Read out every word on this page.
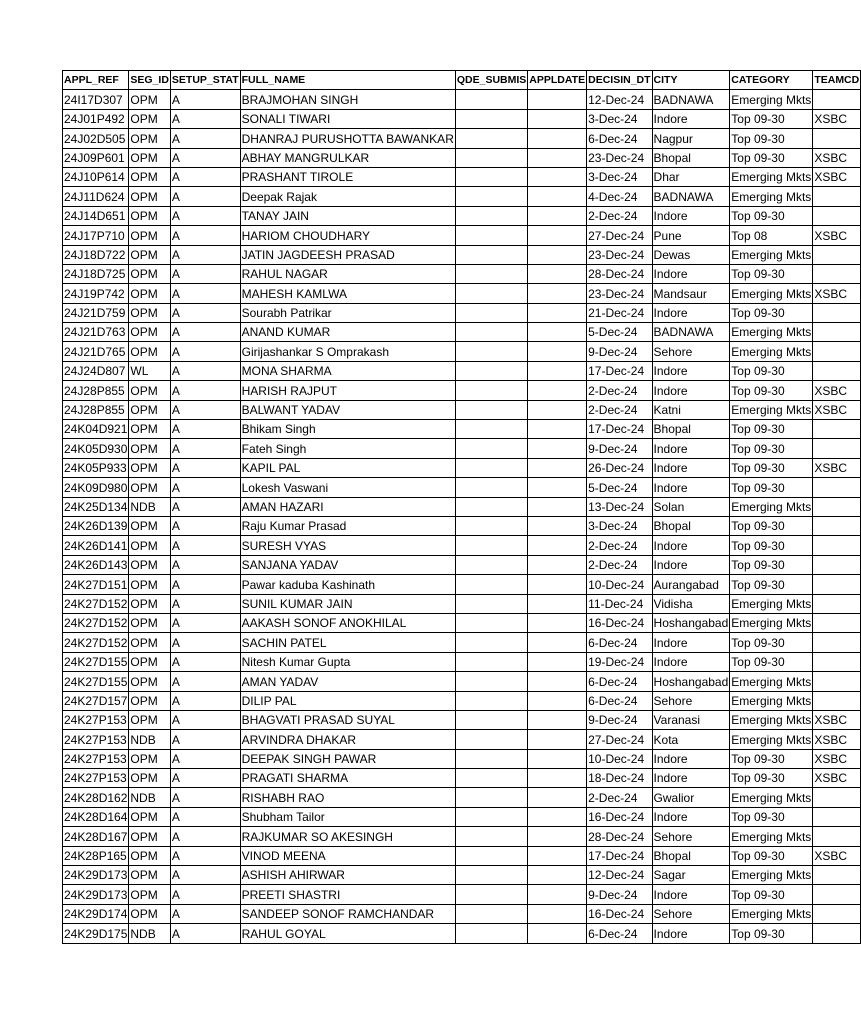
APPL_REF	SEG_ID	SETUP_STAT	FULL_NAME	QDE_SUBMIS	APPLDATE	DECISIN_DT	CITY	CATEGORY	TEAMCD
24I17D307	OPM	A	BRAJMOHAN SINGH			12-Dec-24	BADNAWA	Emerging Mkts	
24J01P492	OPM	A	SONALI TIWARI			3-Dec-24	Indore	Top 09-30	XSBC
24J02D505	OPM	A	DHANRAJ PURUSHOTTA BAWANKAR			6-Dec-24	Nagpur	Top 09-30	
24J09P601	OPM	A	ABHAY MANGRULKAR			23-Dec-24	Bhopal	Top 09-30	XSBC
24J10P614	OPM	A	PRASHANT TIROLE			3-Dec-24	Dhar	Emerging Mkts	XSBC
24J11D624	OPM	A	Deepak Rajak			4-Dec-24	BADNAWA	Emerging Mkts	
24J14D651	OPM	A	TANAY JAIN			2-Dec-24	Indore	Top 09-30	
24J17P710	OPM	A	HARIOM CHOUDHARY			27-Dec-24	Pune	Top 08	XSBC
24J18D722	OPM	A	JATIN JAGDEESH PRASAD			23-Dec-24	Dewas	Emerging Mkts	
24J18D725	OPM	A	RAHUL NAGAR			28-Dec-24	Indore	Top 09-30	
24J19P742	OPM	A	MAHESH KAMLWA			23-Dec-24	Mandsaur	Emerging Mkts	XSBC
24J21D759	OPM	A	Sourabh Patrikar			21-Dec-24	Indore	Top 09-30	
24J21D763	OPM	A	ANAND KUMAR			5-Dec-24	BADNAWA	Emerging Mkts	
24J21D765	OPM	A	Girijashankar S Omprakash			9-Dec-24	Sehore	Emerging Mkts	
24J24D807	WL	A	MONA SHARMA			17-Dec-24	Indore	Top 09-30	
24J28P855	OPM	A	HARISH RAJPUT			2-Dec-24	Indore	Top 09-30	XSBC
24J28P855	OPM	A	BALWANT YADAV			2-Dec-24	Katni	Emerging Mkts	XSBC
24K04D921	OPM	A	Bhikam Singh			17-Dec-24	Bhopal	Top 09-30	
24K05D930	OPM	A	Fateh Singh			9-Dec-24	Indore	Top 09-30	
24K05P933	OPM	A	KAPIL PAL			26-Dec-24	Indore	Top 09-30	XSBC
24K09D980	OPM	A	Lokesh Vaswani			5-Dec-24	Indore	Top 09-30	
24K25D134	NDB	A	AMAN HAZARI			13-Dec-24	Solan	Emerging Mkts	
24K26D139	OPM	A	Raju Kumar Prasad			3-Dec-24	Bhopal	Top 09-30	
24K26D141	OPM	A	SURESH VYAS			2-Dec-24	Indore	Top 09-30	
24K26D143	OPM	A	SANJANA YADAV			2-Dec-24	Indore	Top 09-30	
24K27D151	OPM	A	Pawar kaduba Kashinath			10-Dec-24	Aurangabad	Top 09-30	
24K27D152	OPM	A	SUNIL KUMAR JAIN			11-Dec-24	Vidisha	Emerging Mkts	
24K27D152	OPM	A	AAKASH SONOF ANOKHILAL			16-Dec-24	Hoshangabad	Emerging Mkts	
24K27D152	OPM	A	SACHIN PATEL			6-Dec-24	Indore	Top 09-30	
24K27D155	OPM	A	Nitesh Kumar Gupta			19-Dec-24	Indore	Top 09-30	
24K27D155	OPM	A	AMAN YADAV			6-Dec-24	Hoshangabad	Emerging Mkts	
24K27D157	OPM	A	DILIP PAL			6-Dec-24	Sehore	Emerging Mkts	
24K27P153	OPM	A	BHAGVATI PRASAD SUYAL			9-Dec-24	Varanasi	Emerging Mkts	XSBC
24K27P153	NDB	A	ARVINDRA DHAKAR			27-Dec-24	Kota	Emerging Mkts	XSBC
24K27P153	OPM	A	DEEPAK SINGH PAWAR			10-Dec-24	Indore	Top 09-30	XSBC
24K27P153	OPM	A	PRAGATI SHARMA			18-Dec-24	Indore	Top 09-30	XSBC
24K28D162	NDB	A	RISHABH RAO			2-Dec-24	Gwalior	Emerging Mkts	
24K28D164	OPM	A	Shubham Tailor			16-Dec-24	Indore	Top 09-30	
24K28D167	OPM	A	RAJKUMAR SO AKESINGH			28-Dec-24	Sehore	Emerging Mkts	
24K28P165	OPM	A	VINOD MEENA			17-Dec-24	Bhopal	Top 09-30	XSBC
24K29D173	OPM	A	ASHISH AHIRWAR			12-Dec-24	Sagar	Emerging Mkts	
24K29D173	OPM	A	PREETI SHASTRI			9-Dec-24	Indore	Top 09-30	
24K29D174	OPM	A	SANDEEP SONOF RAMCHANDAR			16-Dec-24	Sehore	Emerging Mkts	
24K29D175	NDB	A	RAHUL GOYAL			6-Dec-24	Indore	Top 09-30	
